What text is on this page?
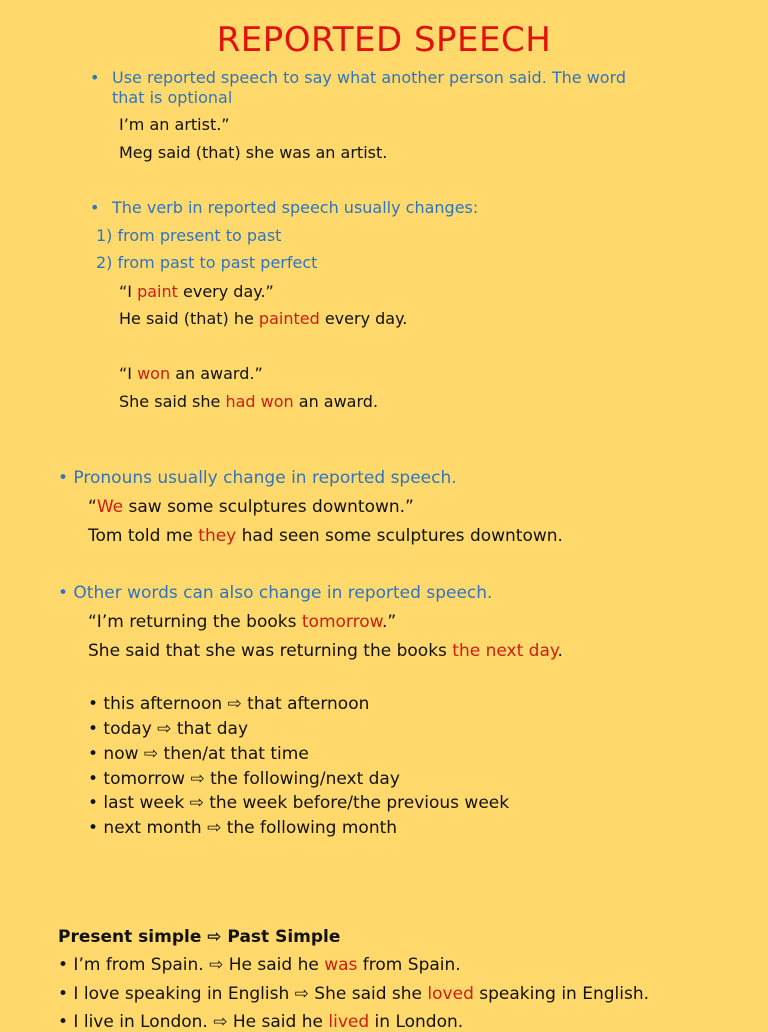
REPORTED SPEECH
• Use reported speech to say what another person said. The word
that is optional
I’m an artist.”
Meg said (that) she was an artist.
• The verb in reported speech usually changes:
1) from present to past
2) from past to past perfect
“I paint every day.”
He said (that) he painted every day.
“I won an award.”
She said she had won an award.
• Pronouns usually change in reported speech.
“We saw some sculptures downtown.”
Tom told me they had seen some sculptures downtown.
• Other words can also change in reported speech.
“I’m returning the books tomorrow.”
She said that she was returning the books the next day.
• this afternoon ⇨ that afternoon
• today ⇨ that day
• now ⇨ then/at that time
• tomorrow ⇨ the following/next day
• last week ⇨ the week before/the previous week
• next month ⇨ the following month
Present simple ⇨ Past Simple
• I’m from Spain. ⇨ He said he was from Spain.
• I love speaking in English ⇨ She said she loved speaking in English.
• I live in London. ⇨ He said he lived in London.
